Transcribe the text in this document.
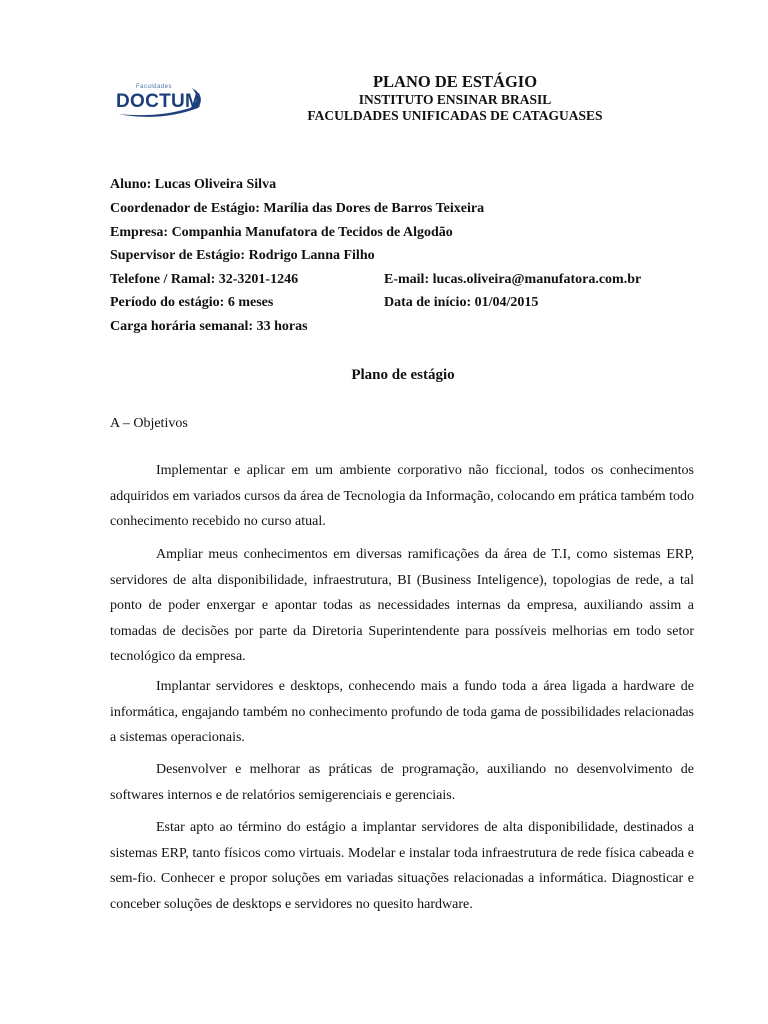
Faculdades
DOCTUM
PLANO DE ESTÁGIO
INSTITUTO ENSINAR BRASIL
FACULDADES UNIFICADAS DE CATAGUASES
Aluno: Lucas Oliveira Silva
Coordenador de Estágio: Marília das Dores de Barros Teixeira
Empresa: Companhia Manufatora de Tecidos de Algodão
Supervisor de Estágio: Rodrigo Lanna Filho
Telefone / Ramal: 32-3201-1246	E-mail: lucas.oliveira@manufatora.com.br
Período do estágio: 6 meses	Data de início: 01/04/2015
Carga horária semanal: 33 horas
Plano de estágio
A – Objetivos

Implementar e aplicar em um ambiente corporativo não ficcional, todos os conhecimentos adquiridos em variados cursos da área de Tecnologia da Informação, colocando em prática também todo conhecimento recebido no curso atual.

Ampliar meus conhecimentos em diversas ramificações da área de T.I, como sistemas ERP, servidores de alta disponibilidade, infraestrutura, BI (Business Inteligence), topologias de rede, a tal ponto de poder enxergar e apontar todas as necessidades internas da empresa, auxiliando assim a tomadas de decisões por parte da Diretoria Superintendente para possíveis melhorias em todo setor tecnológico da empresa.

Implantar servidores e desktops, conhecendo mais a fundo toda a área ligada a hardware de informática, engajando também no conhecimento profundo de toda gama de possibilidades relacionadas a sistemas operacionais.

Desenvolver e melhorar as práticas de programação, auxiliando no desenvolvimento de softwares internos e de relatórios semigerenciais e gerenciais.

Estar apto ao término do estágio a implantar servidores de alta disponibilidade, destinados a sistemas ERP, tanto físicos como virtuais. Modelar e instalar toda infraestrutura de rede física cabeada e sem-fio. Conhecer e propor soluções em variadas situações relacionadas a informática. Diagnosticar e conceber soluções de desktops e servidores no quesito hardware.
